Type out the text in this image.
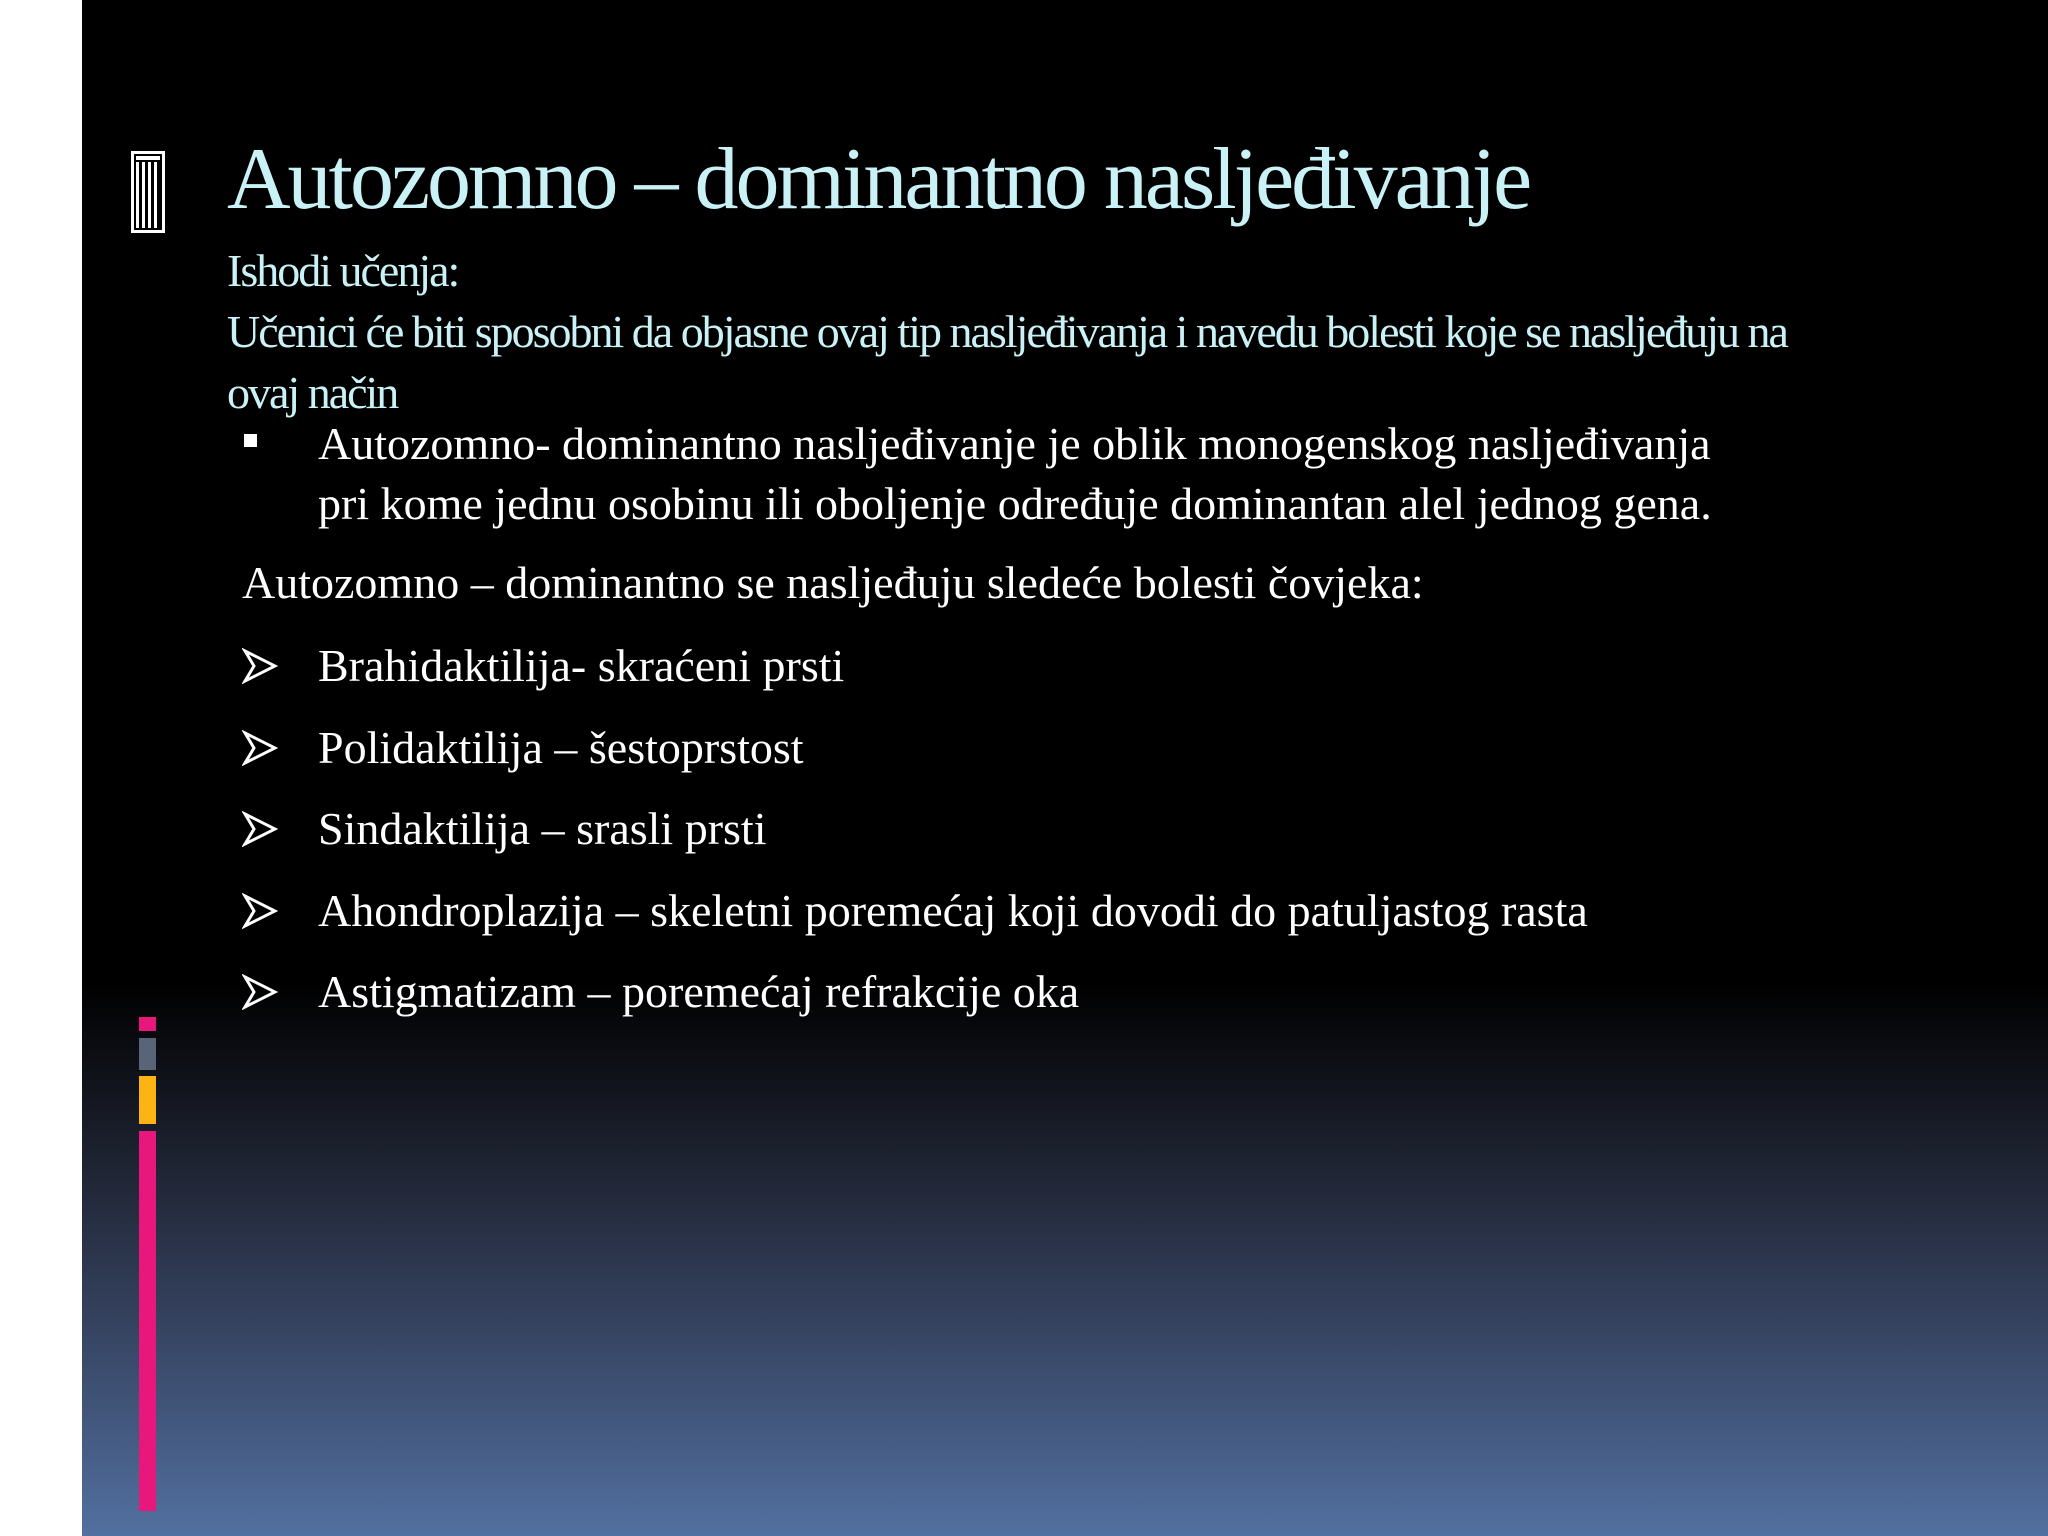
Autozomno – dominantno nasljeđivanje
Ishodi učenja:
Učenici će biti sposobni da objasne ovaj tip nasljeđivanja i navedu bolesti koje se nasljeđuju na
ovaj način
Autozomno- dominantno nasljeđivanje je oblik monogenskog nasljeđivanja
pri kome jednu osobinu ili oboljenje određuje dominantan alel jednog gena.

Autozomno – dominantno se nasljeđuju sledeće bolesti čovjeka:

Brahidaktilija- skraćeni prsti
Polidaktilija – šestoprstost
Sindaktilija – srasli prsti
Ahondroplazija – skeletni poremećaj koji dovodi do patuljastog rasta
Astigmatizam – poremećaj refrakcije oka
